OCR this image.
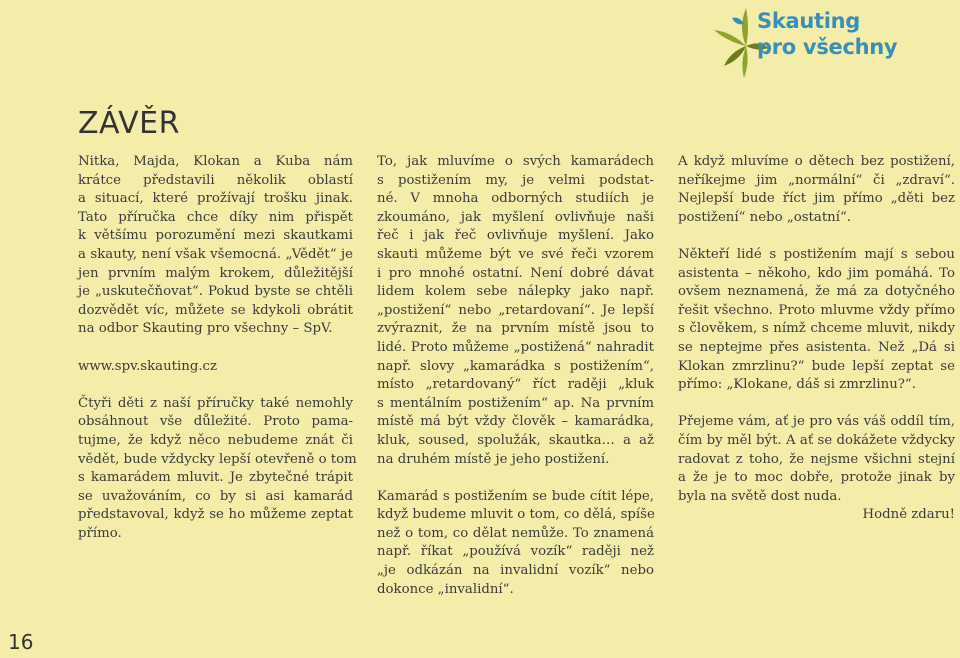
Skauting
pro všechny
ZÁVĚR

Nitka, Majda, Klokan a Kuba nám
krátce představili několik oblastí
a situací, které prožívají trošku jinak.
Tato příručka chce díky nim přispět
k většímu porozumění mezi skautkami
a skauty, není však všemocná. „Vědět“ je
jen prvním malým krokem, důležitější
je „uskutečňovat“. Pokud byste se chtěli
dozvědět víc, můžete se kdykoli obrátit
na odbor Skauting pro všechny – SpV.

www.spv.skauting.cz

Čtyři děti z naší příručky také nemohly
obsáhnout vše důležité. Proto pama-
tujme, že když něco nebudeme znát či
vědět, bude vždycky lepší otevřeně o tom
s kamarádem mluvit. Je zbytečné trápit
se uvažováním, co by si asi kamarád
představoval, když se ho můžeme zeptat
přímo.

To, jak mluvíme o svých kamarádech
s postižením my, je velmi podstat-
né. V mnoha odborných studiích je
zkoumáno, jak myšlení ovlivňuje naši
řeč i jak řeč ovlivňuje myšlení. Jako
skauti můžeme být ve své řeči vzorem
i pro mnohé ostatní. Není dobré dávat
lidem kolem sebe nálepky jako např.
„postižení“ nebo „retardovaní“. Je lepší
zvýraznit, že na prvním místě jsou to
lidé. Proto můžeme „postižená“ nahradit
např. slovy „kamarádka s postižením“,
místo „retardovaný“ říct raději „kluk
s mentálním postižením“ ap. Na prvním
místě má být vždy člověk – kamarádka,
kluk, soused, spolužák, skautka… a až
na druhém místě je jeho postižení.

Kamarád s postižením se bude cítit lépe,
když budeme mluvit o tom, co dělá, spíše
než o tom, co dělat nemůže. To znamená
např. říkat „používá vozík“ raději než
„je odkázán na invalidní vozík“ nebo
dokonce „invalidní“.

A když mluvíme o dětech bez postižení,
neříkejme jim „normální“ či „zdraví“.
Nejlepší bude říct jim přímo „děti bez
postižení“ nebo „ostatní“.

Někteří lidé s postižením mají s sebou
asistenta – někoho, kdo jim pomáhá. To
ovšem neznamená, že má za dotyčného
řešit všechno. Proto mluvme vždy přímo
s člověkem, s nímž chceme mluvit, nikdy
se neptejme přes asistenta. Než „Dá si
Klokan zmrzlinu?“ bude lepší zeptat se
přímo: „Klokane, dáš si zmrzlinu?“.

Přejeme vám, ať je pro vás váš oddíl tím,
čím by měl být. A ať se dokážete vždycky
radovat z toho, že nejsme všichni stejní
a že je to moc dobře, protože jinak by
byla na světě dost nuda.

Hodně zdaru!
16
